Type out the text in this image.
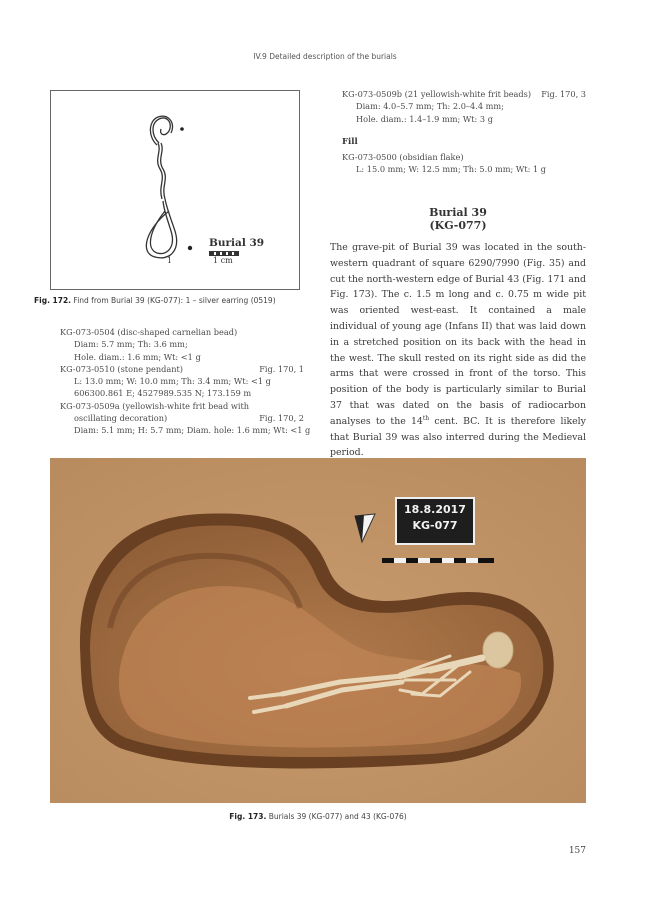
IV.9 Detailed description of the burials
Burial 39
1 cm
1
Fig. 172. Find from Burial 39 (KG-077): 1 – silver earring (0519)
KG-073-0504 (disc-shaped carnelian bead)
Diam: 5.7 mm; Th: 3.6 mm;
Hole. diam.: 1.6 mm; Wt: <1 g
KG-073-0510 (stone pendant)	Fig. 170, 1
L: 13.0 mm; W: 10.0 mm; Th: 3.4 mm; Wt: <1 g
606300.861 E; 4527989.535 N; 173.159 m
KG-073-0509a (yellowish-white frit bead with
oscillating decoration)	Fig. 170, 2
Diam: 5.1 mm; H: 5.7 mm; Diam. hole: 1.6 mm; Wt: <1 g
KG-073-0509b (21 yellowish-white frit beads) Fig. 170, 3
Diam: 4.0–5.7 mm; Th: 2.0–4.4 mm;
Hole. diam.: 1.4–1.9 mm; Wt: 3 g
Fill
KG-073-0500 (obsidian flake)
L: 15.0 mm; W: 12.5 mm; Th: 5.0 mm; Wt: 1 g
Burial 39
(KG-077)

The grave-pit of Burial 39 was located in the south-western quadrant of square 6290/7990 (Fig. 35) and cut the north-western edge of Burial 43 (Fig. 171 and Fig. 173). The c. 1.5 m long and c. 0.75 m wide pit was oriented west-east. It contained a male individual of young age (Infans II) that was laid down in a stretched position on its back with the head in the west. The skull rested on its right side as did the arms that were crossed in front of the torso. This position of the body is particularly similar to Burial 37 that was dated on the basis of radiocarbon analyses to the 14th cent. BC. It is therefore likely that Burial 39 was also interred during the Medieval period.

18.8.2017
KG-077
Fig. 173. Burials 39 (KG-077) and 43 (KG-076)
157
